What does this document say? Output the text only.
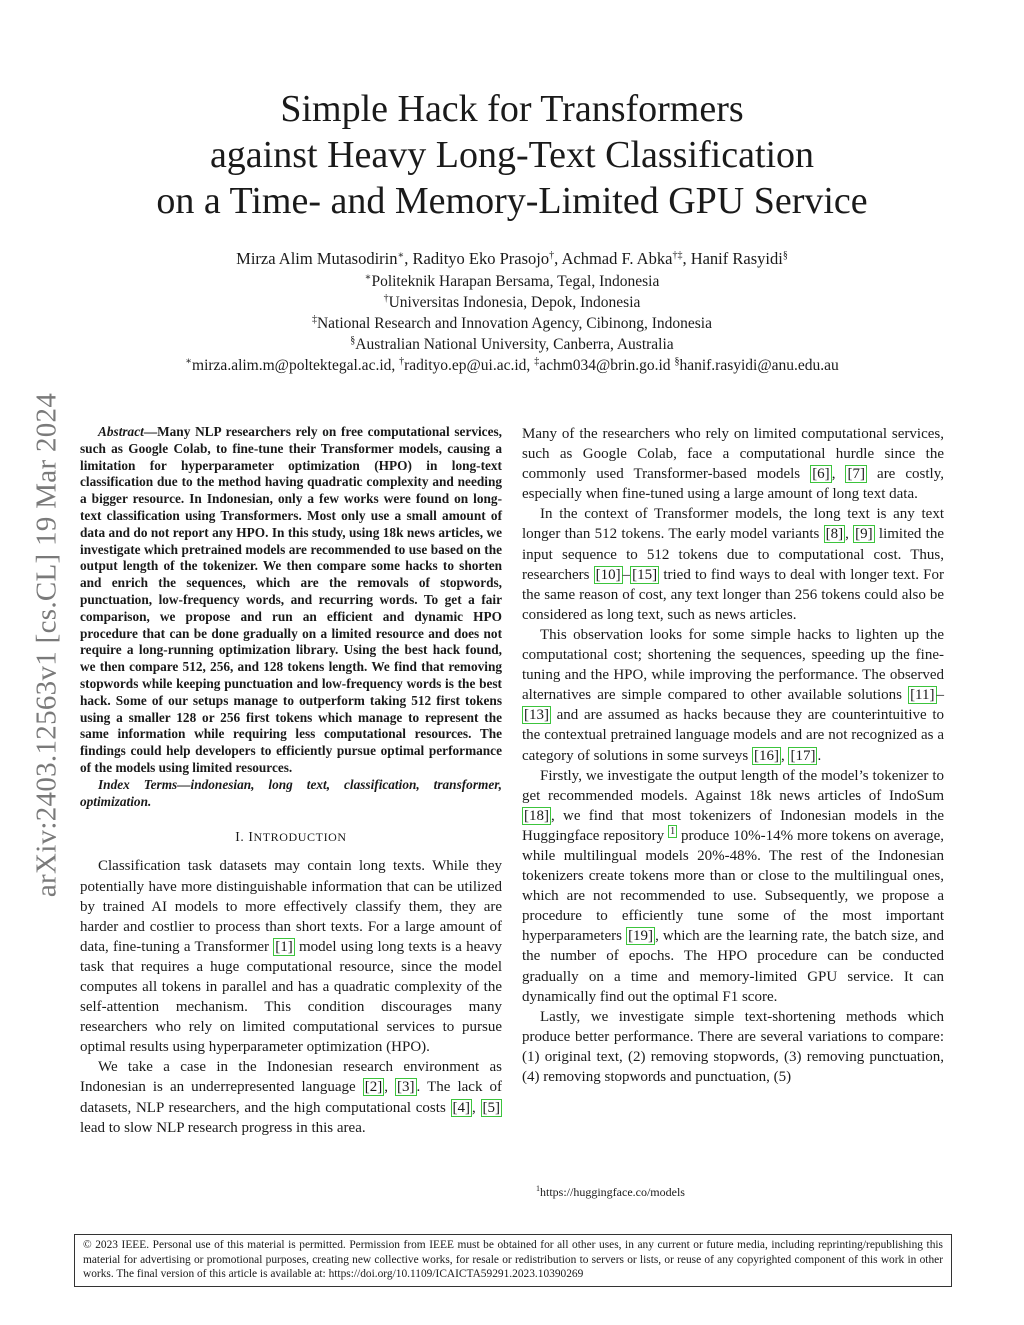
arXiv:2403.12563v1 [cs.CL] 19 Mar 2024
Simple Hack for Transformers
against Heavy Long-Text Classification
on a Time- and Memory-Limited GPU Service
Mirza Alim Mutasodirin∗, Radityo Eko Prasojo†, Achmad F. Abka†‡, Hanif Rasyidi§
∗Politeknik Harapan Bersama, Tegal, Indonesia
†Universitas Indonesia, Depok, Indonesia
‡National Research and Innovation Agency, Cibinong, Indonesia
§Australian National University, Canberra, Australia
∗mirza.alim.m@poltektegal.ac.id, †radityo.ep@ui.ac.id, ‡achm034@brin.go.id §hanif.rasyidi@anu.edu.au

Abstract—Many NLP researchers rely on free computational services, such as Google Colab, to fine-tune their Transformer models, causing a limitation for hyperparameter optimization (HPO) in long-text classification due to the method having quadratic complexity and needing a bigger resource. In Indonesian, only a few works were found on long-text classification using Transformers. Most only use a small amount of data and do not report any HPO. In this study, using 18k news articles, we investigate which pretrained models are recommended to use based on the output length of the tokenizer. We then compare some hacks to shorten and enrich the sequences, which are the removals of stopwords, punctuation, low-frequency words, and recurring words. To get a fair comparison, we propose and run an efficient and dynamic HPO procedure that can be done gradually on a limited resource and does not require a long-running optimization library. Using the best hack found, we then compare 512, 256, and 128 tokens length. We find that removing stopwords while keeping punctuation and low-frequency words is the best hack. Some of our setups manage to outperform taking 512 first tokens using a smaller 128 or 256 first tokens which manage to represent the same information while requiring less computational resources. The findings could help developers to efficiently pursue optimal performance of the models using limited resources.

Index Terms—indonesian, long text, classification, transformer, optimization.

I. INTRODUCTION

Classification task datasets may contain long texts. While they potentially have more distinguishable information that can be utilized by trained AI models to more effectively classify them, they are harder and costlier to process than short texts. For a large amount of data, fine-tuning a Transformer [1] model using long texts is a heavy task that requires a huge computational resource, since the model computes all tokens in parallel and has a quadratic complexity of the self-attention mechanism. This condition discourages many researchers who rely on limited computational services to pursue optimal results using hyperparameter optimization (HPO).

We take a case in the Indonesian research environment as Indonesian is an underrepresented language [2] , [3] . The lack of datasets, NLP researchers, and the high computational costs [4] , [5] lead to slow NLP research progress in this area.

Many of the researchers who rely on limited computational services, such as Google Colab, face a computational hurdle since the commonly used Transformer-based models [6] , [7] are costly, especially when fine-tuned using a large amount of long text data.

In the context of Transformer models, the long text is any text longer than 512 tokens. The early model variants [8] , [9] limited the input sequence to 512 tokens due to computational cost. Thus, researchers [10] – [15] tried to find ways to deal with longer text. For the same reason of cost, any text longer than 256 tokens could also be considered as long text, such as news articles.

This observation looks for some simple hacks to lighten up the computational cost; shortening the sequences, speeding up the fine-tuning and the HPO, while improving the performance. The observed alternatives are simple compared to other available solutions [11] –[13] and are assumed as hacks because they are counterintuitive to the contextual pretrained language models and are not recognized as a category of solutions in some surveys [16] , [17] .

Firstly, we investigate the output length of the model’s tokenizer to get recommended models. Against 18k news articles of IndoSum [18] , we find that most tokenizers of Indonesian models in the Huggingface repository $^1$ produce 10%-14% more tokens on average, while multilingual models 20%-48%. The rest of the Indonesian tokenizers create tokens more than or close to the multilingual ones, which are not recommended to use. Subsequently, we propose a procedure to efficiently tune some of the most important hyperparameters [19] , which are the learning rate, the batch size, and the number of epochs. The HPO procedure can be conducted gradually on a time and memory-limited GPU service. It can dynamically find out the optimal F1 score.

Lastly, we investigate simple text-shortening methods which produce better performance. There are several variations to compare: (1) original text, (2) removing stopwords, (3) removing punctuation, (4) removing stopwords and punctuation, (5)

$^1$https://huggingface.co/models
© 2023 IEEE. Personal use of this material is permitted. Permission from IEEE must be obtained for all other uses, in any current or future media, including reprinting/republishing this material for advertising or promotional purposes, creating new collective works, for resale or redistribution to servers or lists, or reuse of any copyrighted component of this work in other works. The final version of this article is available at: https://doi.org/10.1109/ICAICTA59291.2023.10390269
